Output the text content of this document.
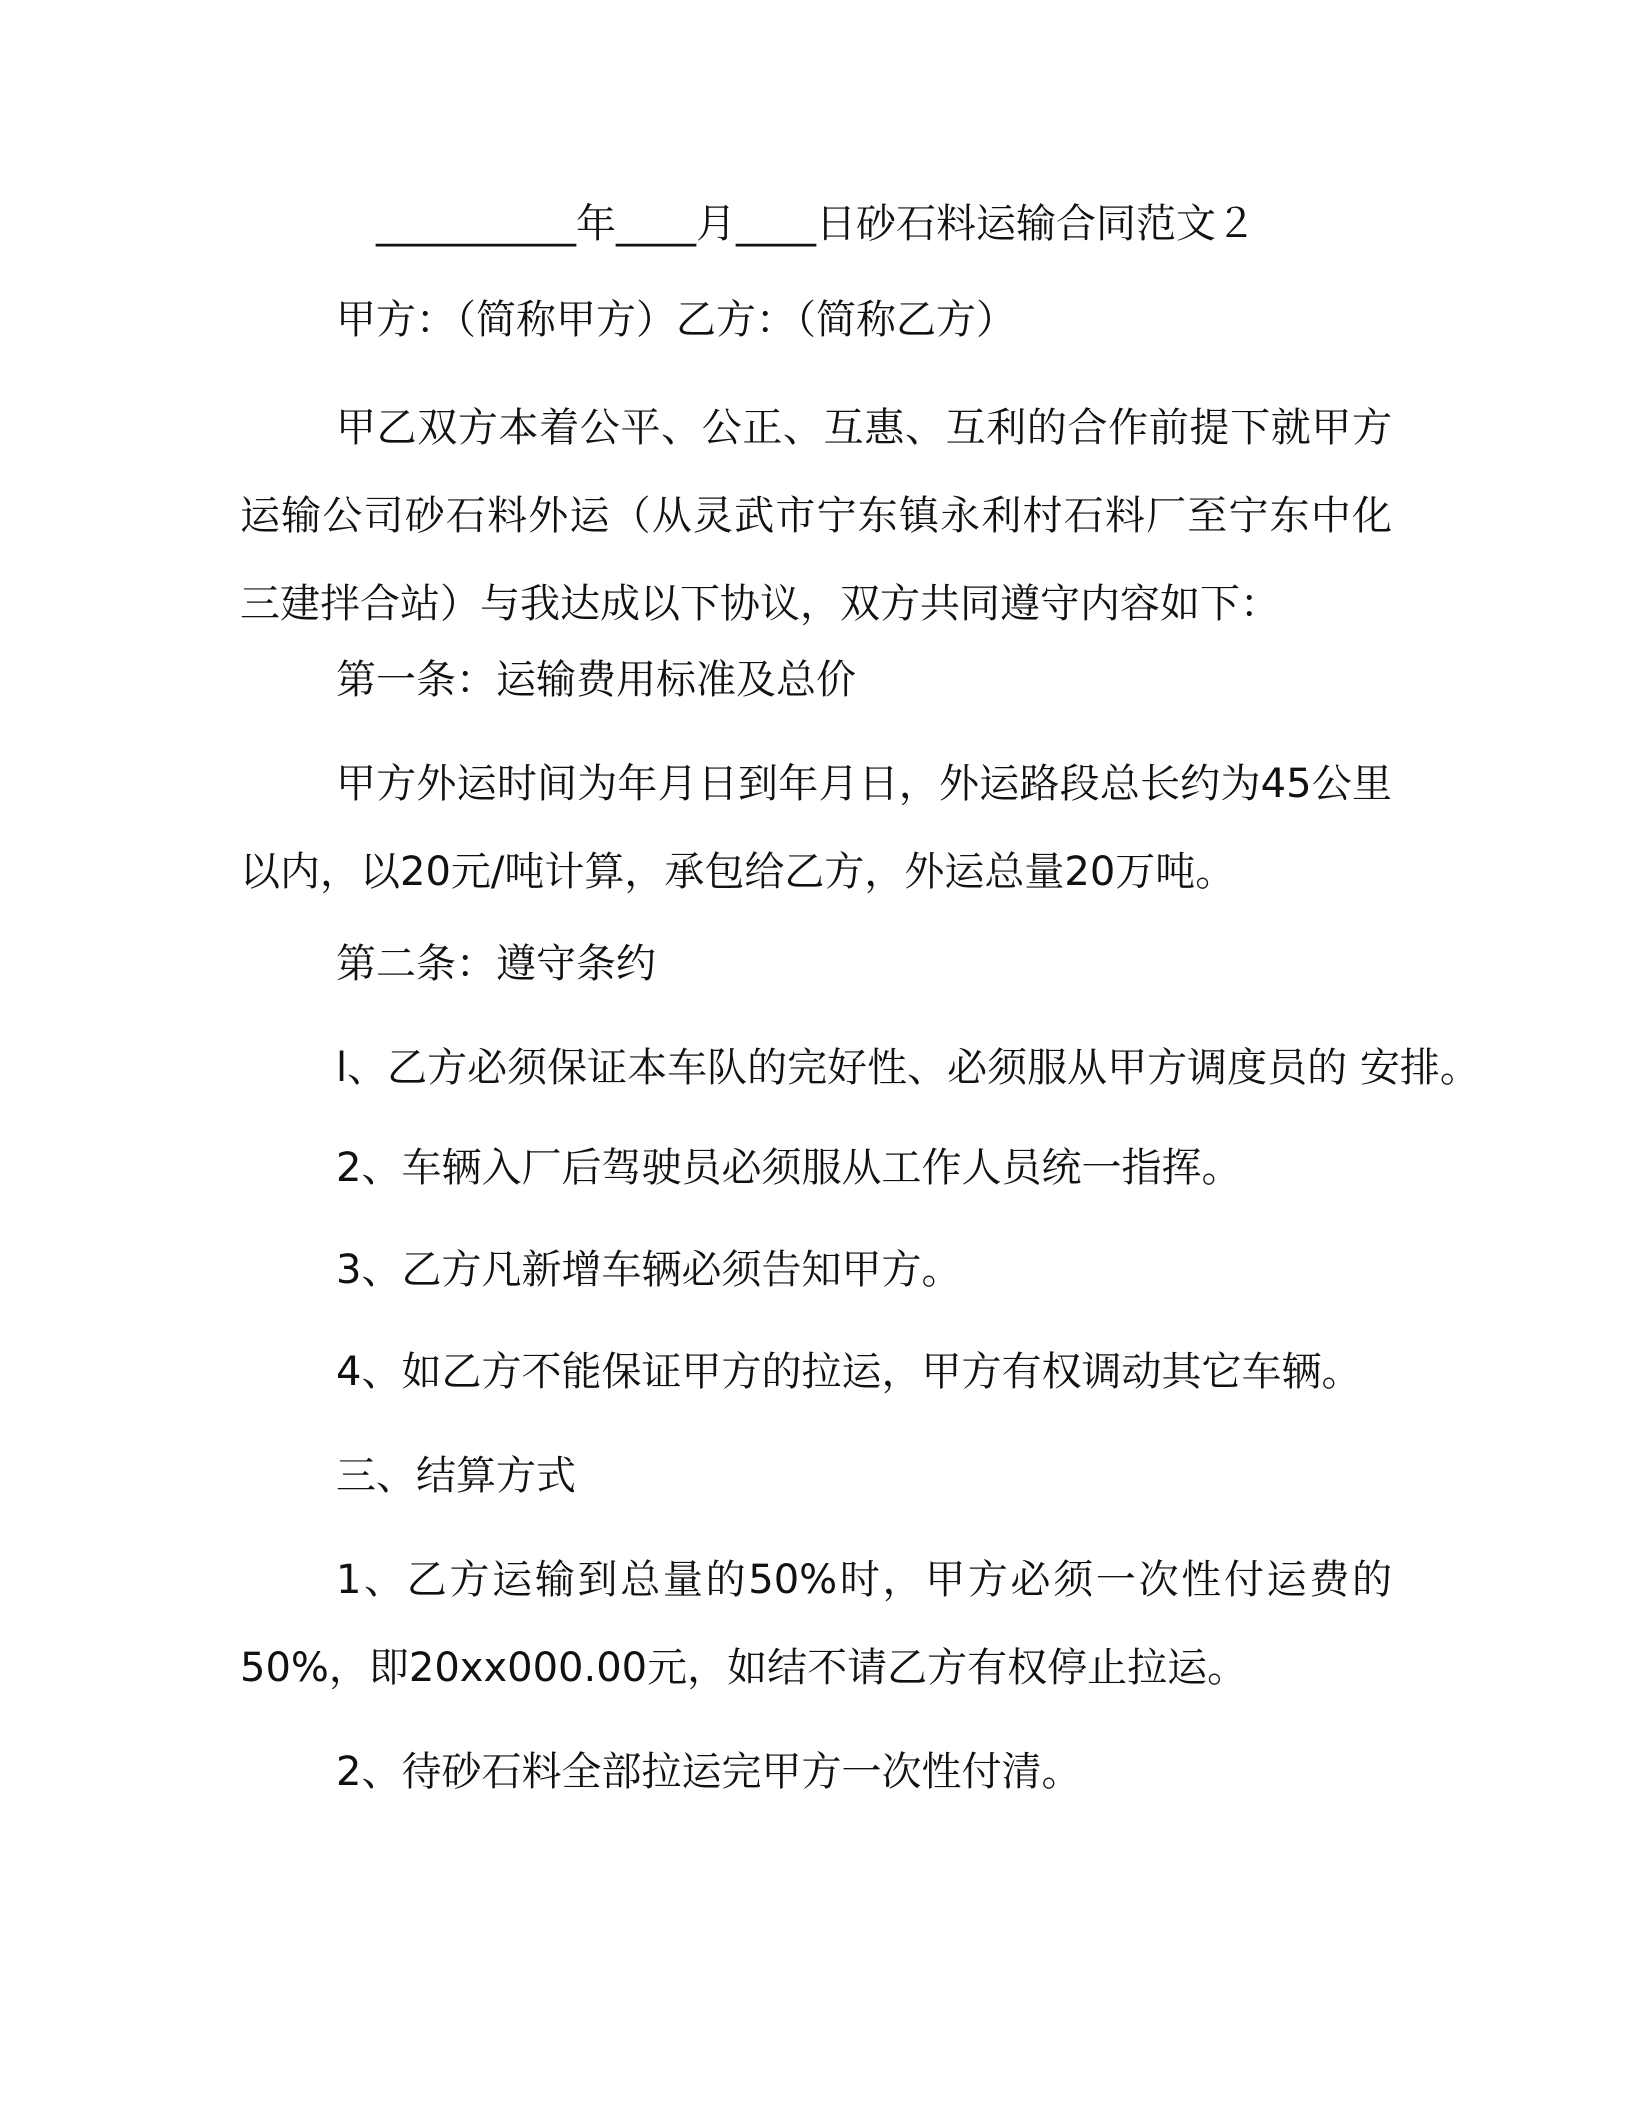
__________年____月____日砂石料运输合同范文２
甲方：（简称甲方）乙方：（简称乙方）

甲乙双方本着公平、公正、互惠、互利的合作前提下就甲方运输公司砂石料外运（从灵武市宁东镇永利村石料厂至宁东中化三建拌合站）与我达成以下协议，双方共同遵守内容如下：

第一条：运输费用标准及总价

甲方外运时间为年月日到年月日，外运路段总长约为45公里以内，以20元/吨计算，承包给乙方，外运总量20万吨。

第二条：遵守条约
l、乙方必须保证本车队的完好性、必须服从甲方调度员的 安排。
2、车辆入厂后驾驶员必须服从工作人员统一指挥。
3、乙方凡新增车辆必须告知甲方。
4、如乙方不能保证甲方的拉运，甲方有权调动其它车辆。
三、结算方式

1、乙方运输到总量的50%时，甲方必须一次性付运费的50%，即20xx000.00元，如结不请乙方有权停止拉运。

2、待砂石料全部拉运完甲方一次性付清。
